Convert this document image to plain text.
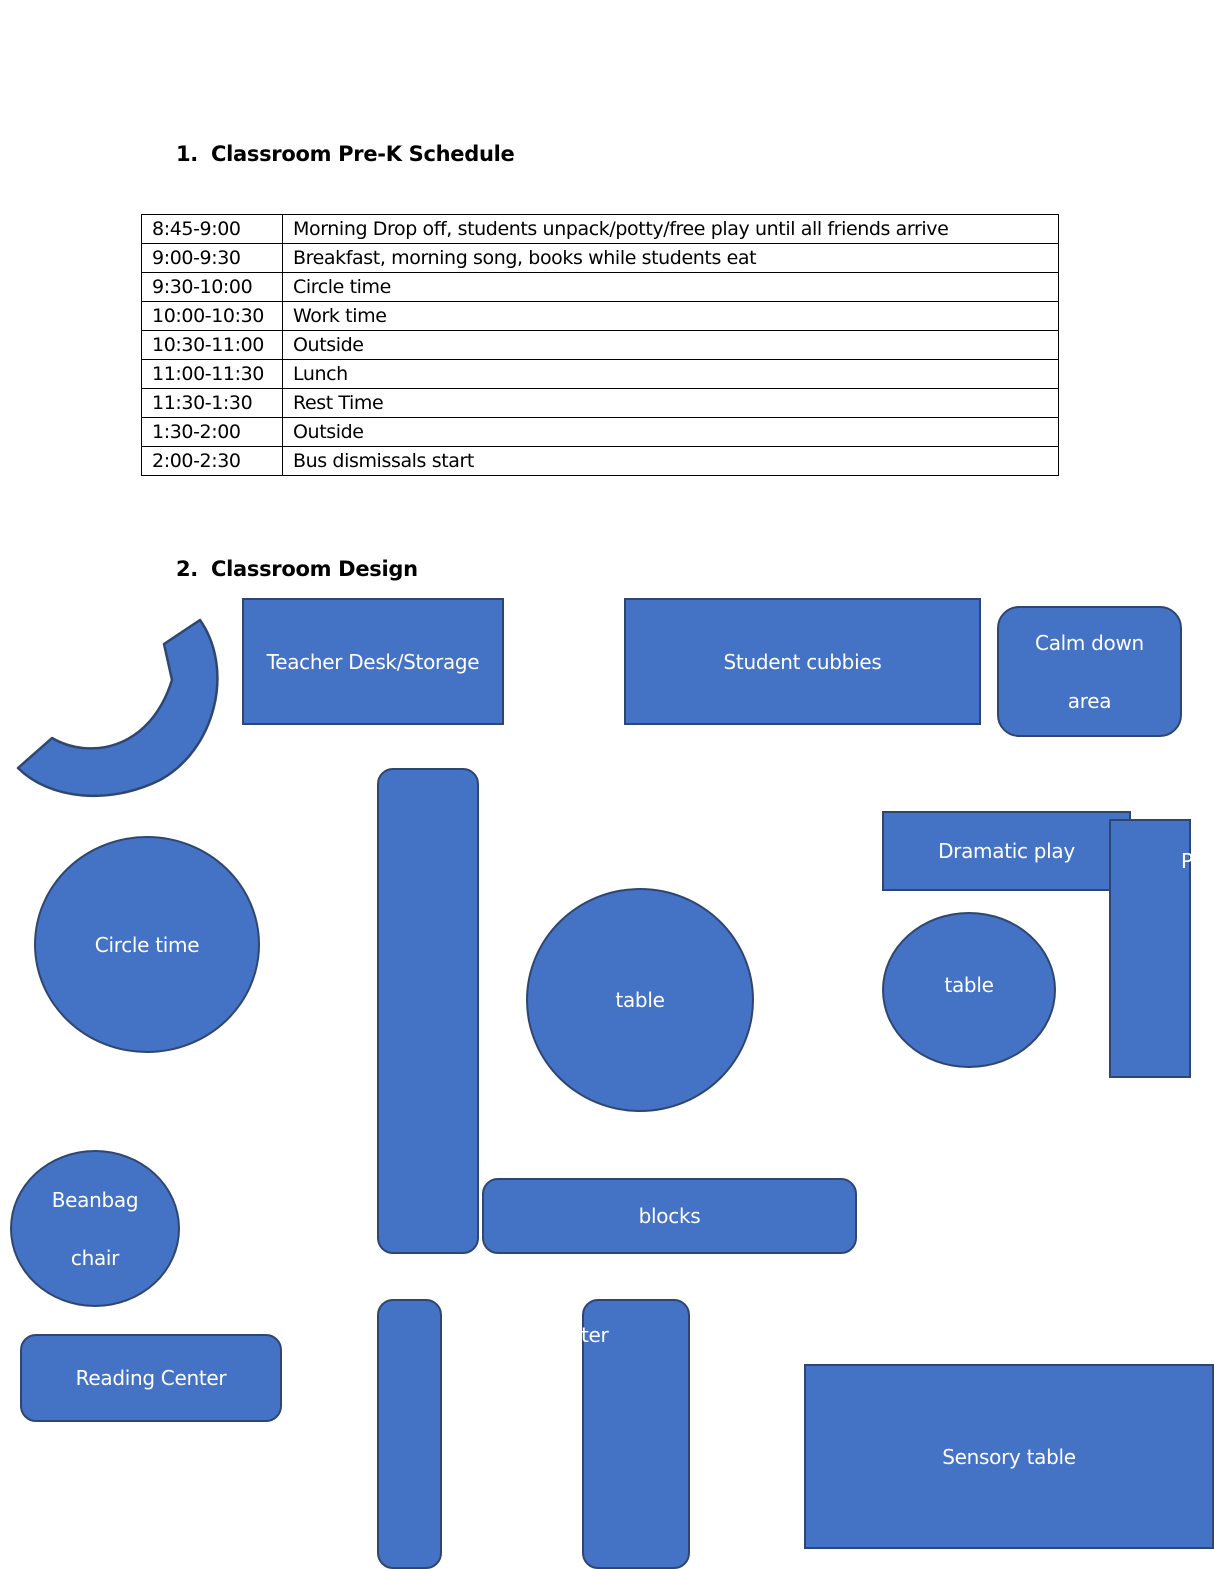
1. Classroom Pre-K Schedule
8:45-9:00	Morning Drop off, students unpack/potty/free play until all friends arrive
9:00-9:30	Breakfast, morning song, books while students eat
9:30-10:00	Circle time
10:00-10:30	Work time
10:30-11:00	Outside
11:00-11:30	Lunch
11:30-1:30	Rest Time
1:30-2:00	Outside
2:00-2:30	Bus dismissals start
2. Classroom Design
Teacher Desk/Storage	Student cubbies
Calm down
area
Dramatic play	P
Circle time
table
table
Beanbag
chair
blocks
ter
Reading Center
Sensory table
